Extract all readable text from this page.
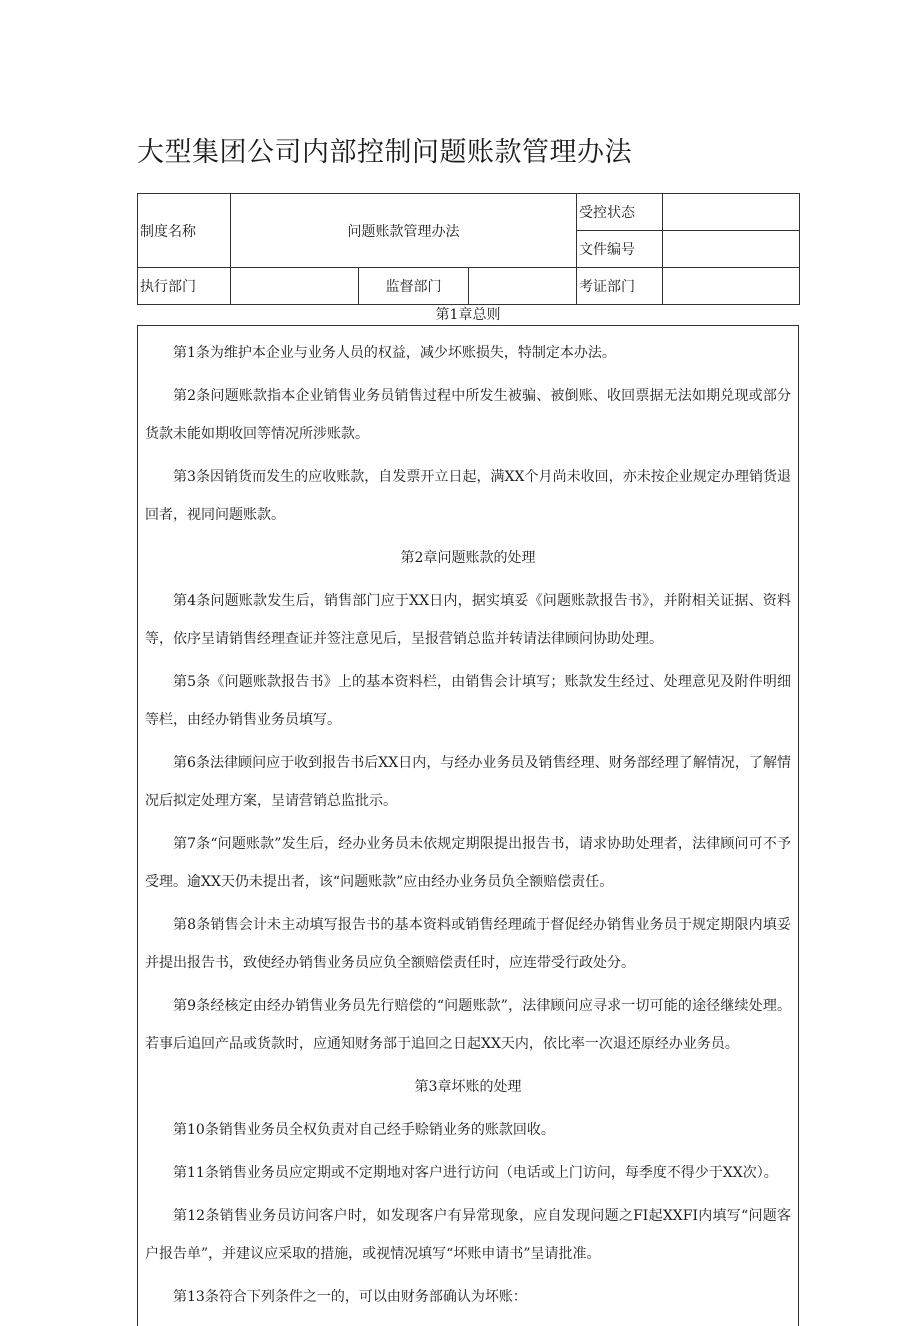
大型集团公司内部控制问题账款管理办法
制度名称	问题账款管理办法			受控状态	
				文件编号	
执行部门		监督部门		考证部门	
第1章总则

第1条为维护本企业与业务人员的权益，减少坏账损失，特制定本办法。

第2条问题账款指本企业销售业务员销售过程中所发生被骗、被倒账、收回票据无法如期兑现或部分货款未能如期收回等情况所涉账款。

第3条因销货而发生的应收账款，自发票开立日起，满XX个月尚未收回，亦未按企业规定办理销货退回者，视同问题账款。

第2章问题账款的处理

第4条问题账款发生后，销售部门应于XX日内，据实填妥《问题账款报告书》，并附相关证据、资料等，依序呈请销售经理查证并签注意见后，呈报营销总监并转请法律顾问协助处理。

第5条《问题账款报告书》上的基本资料栏，由销售会计填写；账款发生经过、处理意见及附件明细等栏，由经办销售业务员填写。

第6条法律顾问应于收到报告书后XX日内，与经办业务员及销售经理、财务部经理了解情况，了解情况后拟定处理方案，呈请营销总监批示。

第7条“问题账款”发生后，经办业务员未依规定期限提出报告书，请求协助处理者，法律顾问可不予受理。逾XX天仍未提出者，该“问题账款”应由经办业务员负全额赔偿责任。

第8条销售会计未主动填写报告书的基本资料或销售经理疏于督促经办销售业务员于规定期限内填妥并提出报告书，致使经办销售业务员应负全额赔偿责任时，应连带受行政处分。

第9条经核定由经办销售业务员先行赔偿的“问题账款”，法律顾问应寻求一切可能的途径继续处理。若事后追回产品或货款时，应通知财务部于追回之日起XX天内，依比率一次退还原经办业务员。

第3章坏账的处理

第10条销售业务员全权负责对自己经手赊销业务的账款回收。

第11条销售业务员应定期或不定期地对客户进行访问（电话或上门访问，每季度不得少于XX次）。

第12条销售业务员访问客户时，如发现客户有异常现象，应自发现问题之FI起XXFI内填写“问题客户报告单”，并建议应采取的措施，或视情况填写“坏账申请书”呈请批准。

第13条符合下列条件之一的，可以由财务部确认为坏账：
